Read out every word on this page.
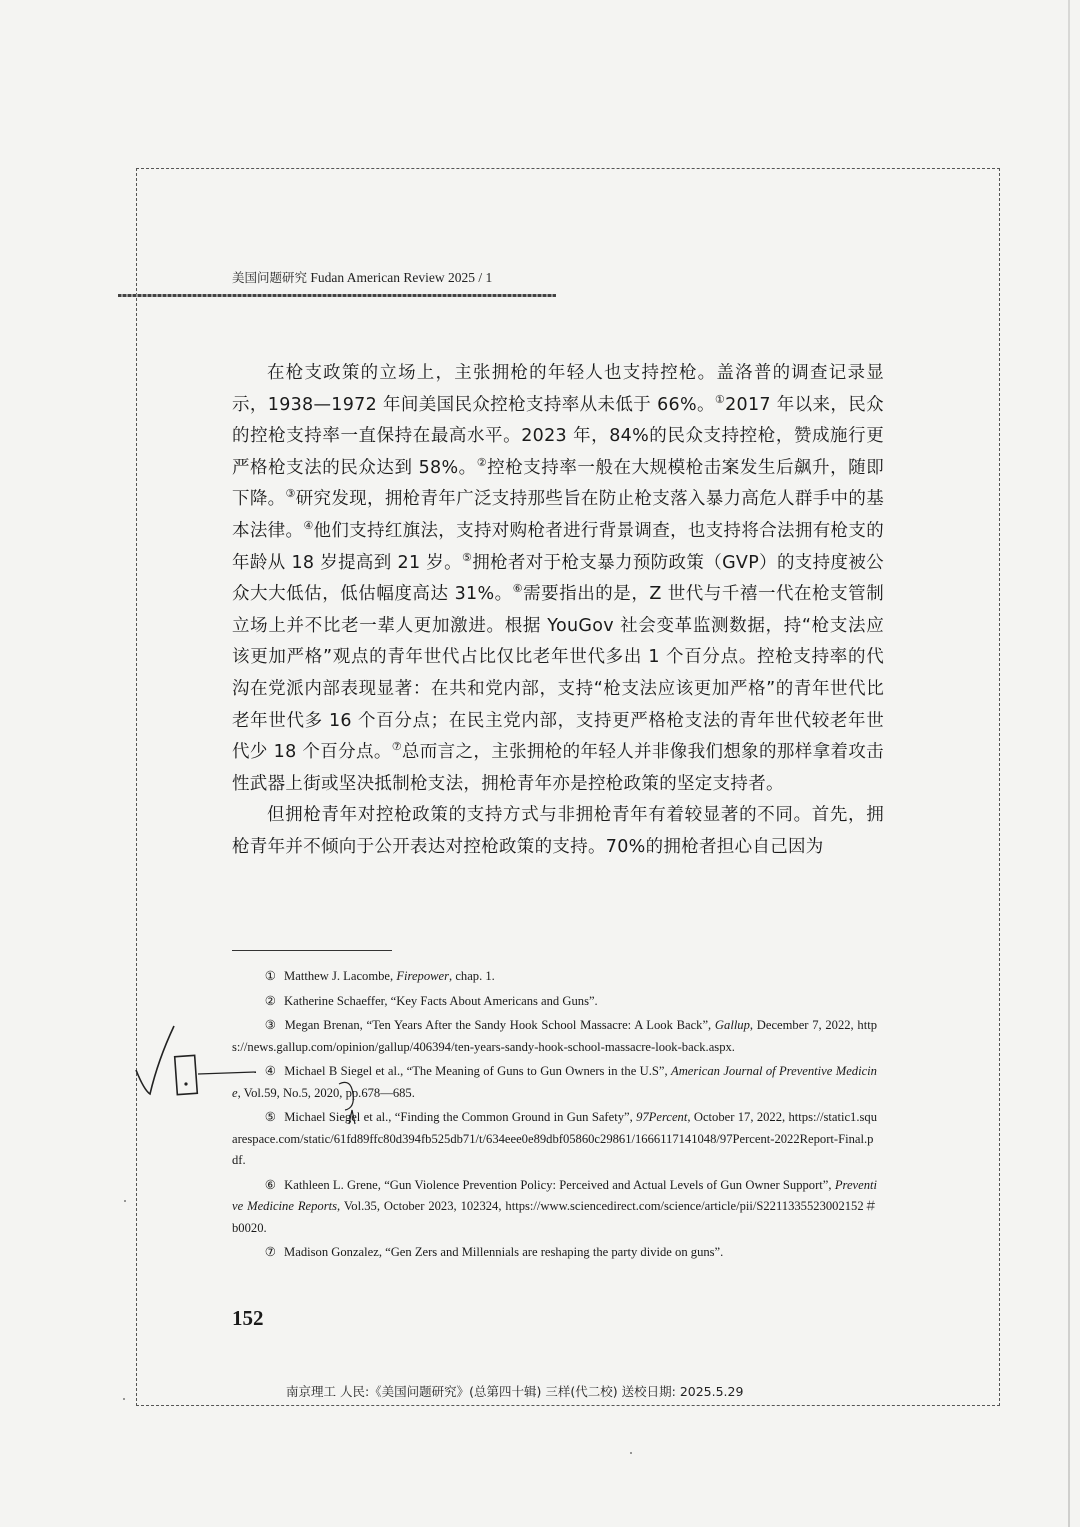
美国问题研究 Fudan American Review 2025 / 1

在枪支政策的立场上，主张拥枪的年轻人也支持控枪。盖洛普的调查记录显示，1938—1972 年间美国民众控枪支持率从未低于 66%。①2017 年以来，民众的控枪支持率一直保持在最高水平。2023 年，84%的民众支持控枪，赞成施行更严格枪支法的民众达到 58%。②控枪支持率一般在大规模枪击案发生后飙升，随即下降。③研究发现，拥枪青年广泛支持那些旨在防止枪支落入暴力高危人群手中的基本法律。④他们支持红旗法，支持对购枪者进行背景调查，也支持将合法拥有枪支的年龄从 18 岁提高到 21 岁。⑤拥枪者对于枪支暴力预防政策（GVP）的支持度被公众大大低估，低估幅度高达 31%。⑥需要指出的是，Z 世代与千禧一代在枪支管制立场上并不比老一辈人更加激进。根据 YouGov 社会变革监测数据，持“枪支法应该更加严格”观点的青年世代占比仅比老年世代多出 1 个百分点。控枪支持率的代沟在党派内部表现显著：在共和党内部，支持“枪支法应该更加严格”的青年世代比老年世代多 16 个百分点；在民主党内部，支持更严格枪支法的青年世代较老年世代少 18 个百分点。⑦总而言之，主张拥枪的年轻人并非像我们想象的那样拿着攻击性武器上街或坚决抵制枪支法，拥枪青年亦是控枪政策的坚定支持者。

但拥枪青年对控枪政策的支持方式与非拥枪青年有着较显著的不同。首先，拥枪青年并不倾向于公开表达对控枪政策的支持。70%的拥枪者担心自己因为

① Matthew J. Lacombe, Firepower, chap. 1.

② Katherine Schaeffer, “Key Facts About Americans and Guns”.

③ Megan Brenan, “Ten Years After the Sandy Hook School Massacre: A Look Back”, Gallup, December 7, 2022, https://news.gallup.com/opinion/gallup/406394/ten-years-sandy-hook-school-massacre-look-back.aspx.

④ Michael B Siegel et al., “The Meaning of Guns to Gun Owners in the U.S”, American Journal of Preventive Medicine, Vol.59, No.5, 2020, pp.678—685.

⑤ Michael Siegel et al., “Finding the Common Ground in Gun Safety”, 97Percent, October 17, 2022, https://static1.squarespace.com/static/61fd89ffc80d394fb525db71/t/634eee0e89dbf05860c29861/1666117141048/97Percent-2022Report-Final.pdf.

⑥ Kathleen L. Grene, “Gun Violence Prevention Policy: Perceived and Actual Levels of Gun Owner Support”, Preventive Medicine Reports, Vol.35, October 2023, 102324, https://www.sciencedirect.com/science/article/pii/S2211335523002152＃b0020.

⑦ Madison Gonzalez, “Gen Zers and Millennials are reshaping the party divide on guns”.

152
南京理工 人民:《美国问题研究》(总第四十辑) 三样(代二校) 送校日期: 2025.5.29
